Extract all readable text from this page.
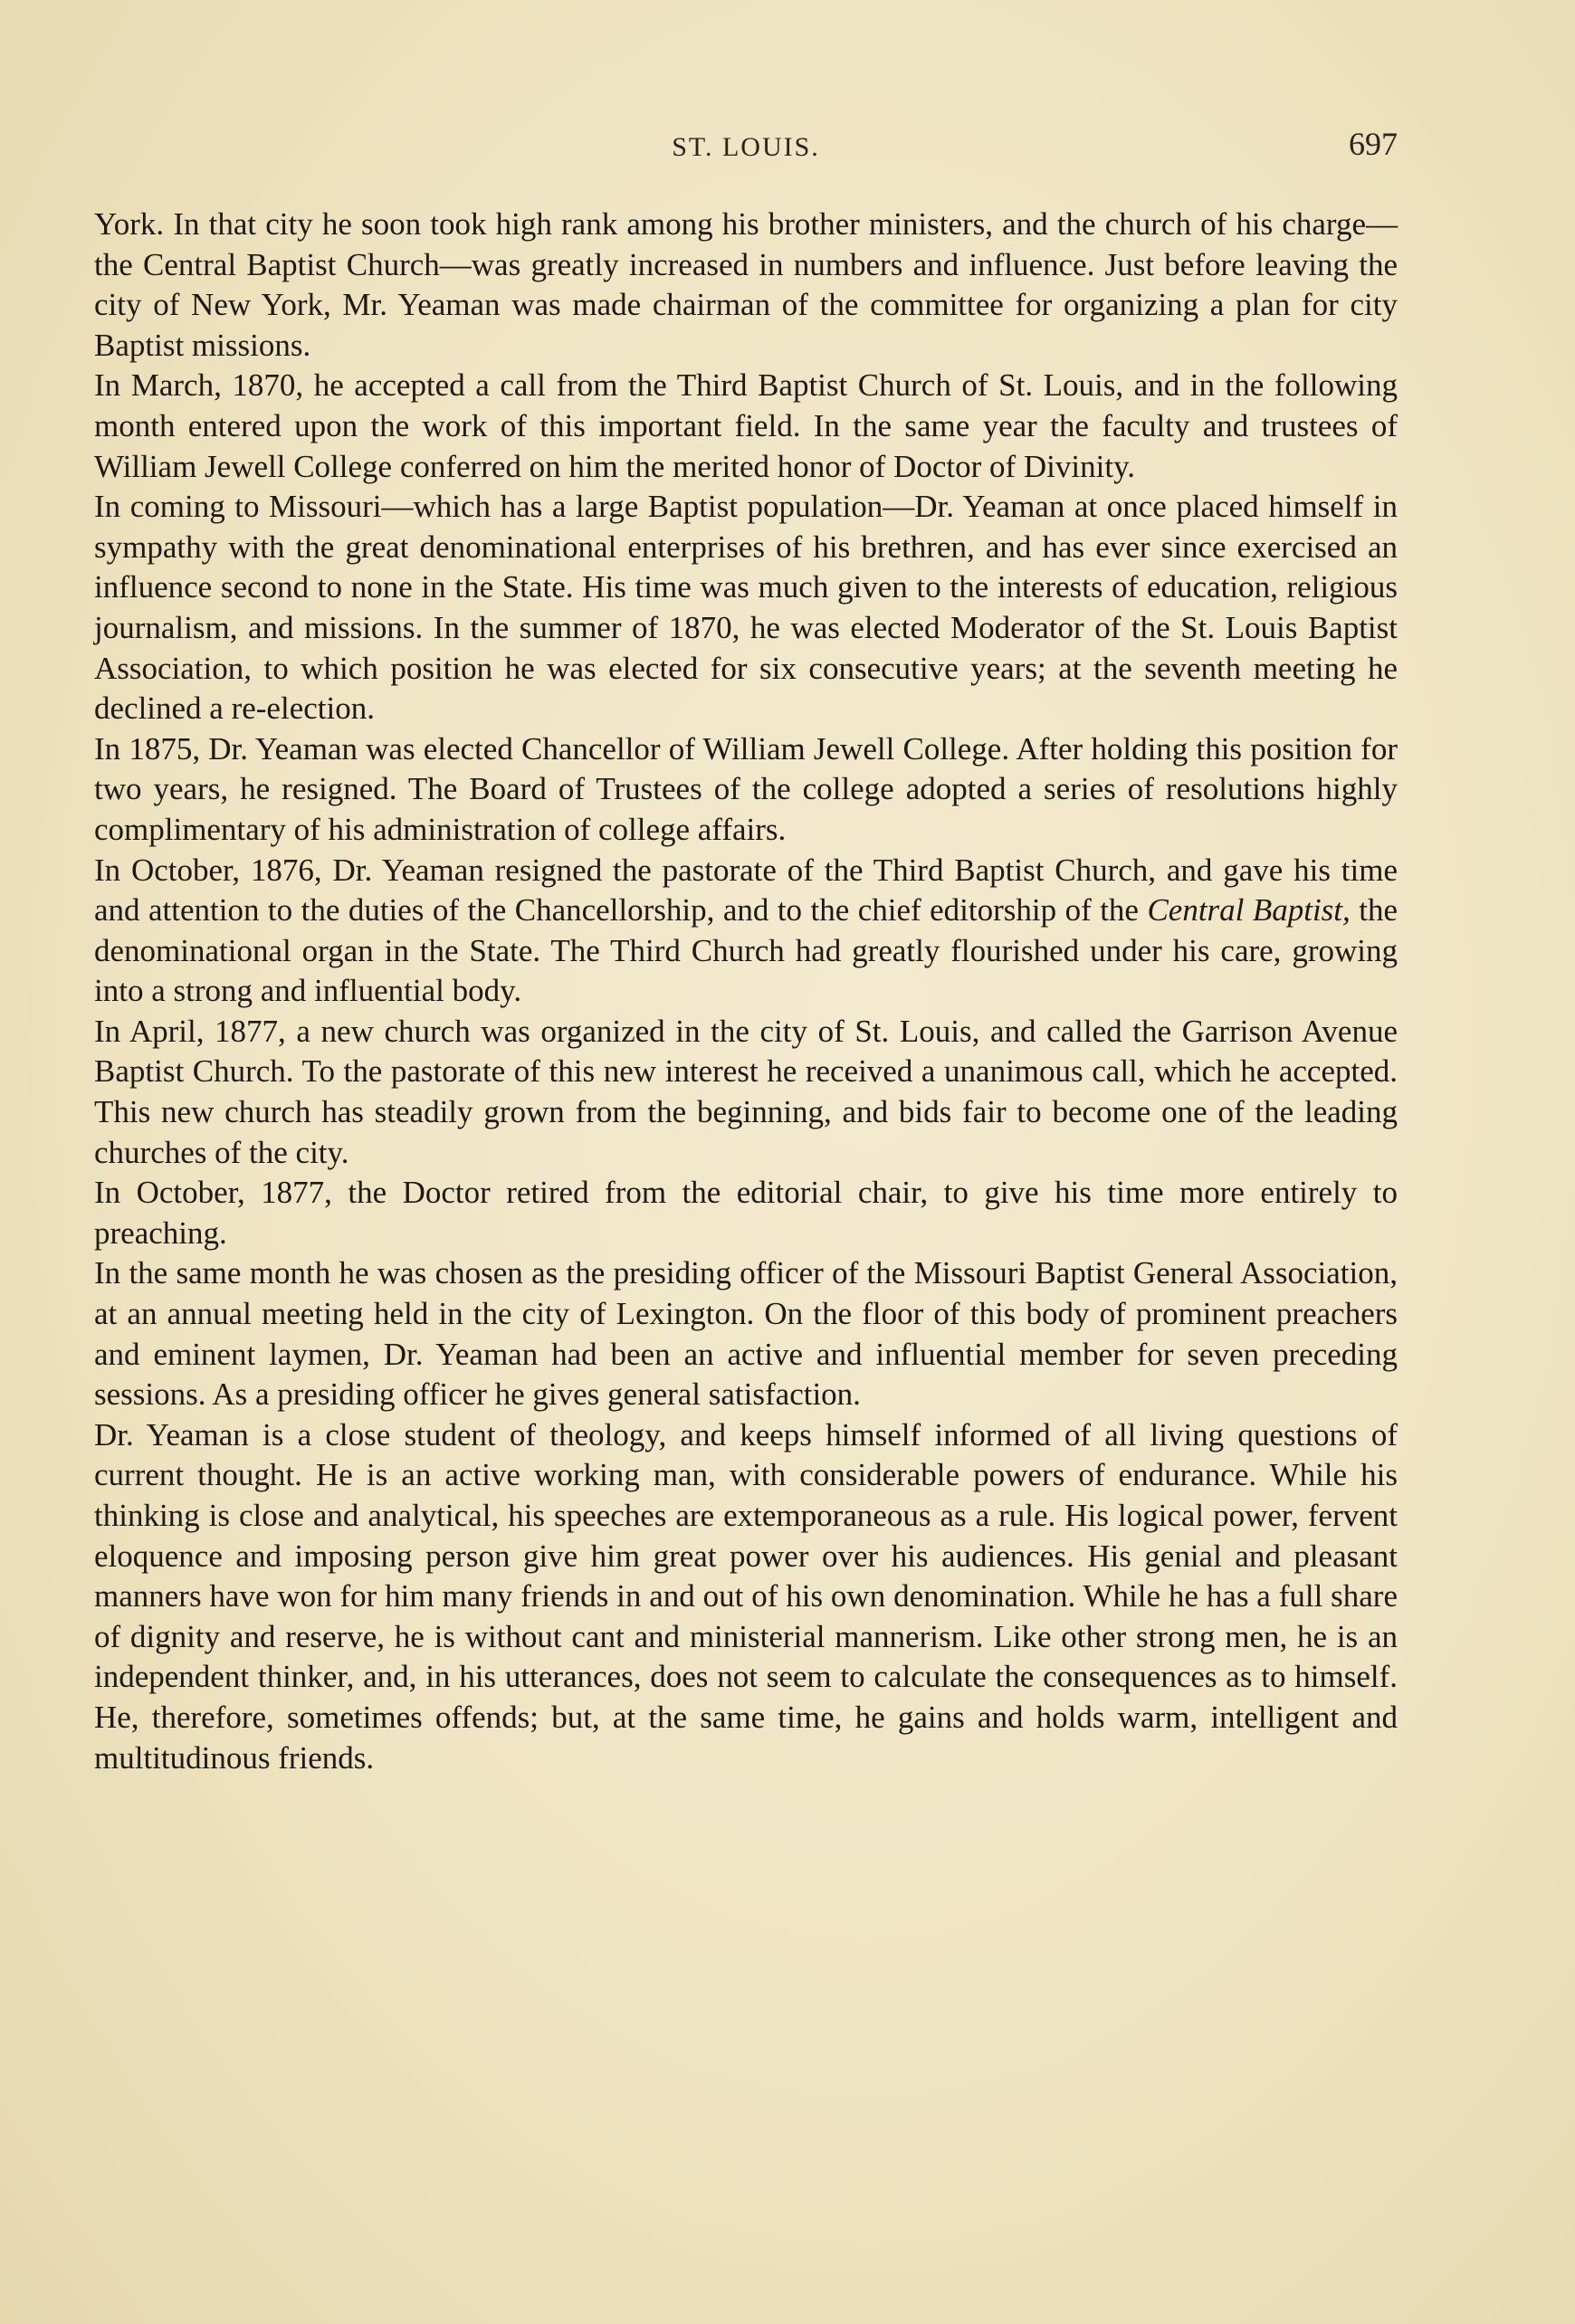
ST. LOUIS.	697

York. In that city he soon took high rank among his brother ministers, and the church of his charge—the Central Baptist Church—was greatly increased in numbers and influence. Just before leaving the city of New York, Mr. Yeaman was made chairman of the committee for organizing a plan for city Baptist missions.

In March, 1870, he accepted a call from the Third Baptist Church of St. Louis, and in the following month entered upon the work of this important field. In the same year the faculty and trustees of William Jewell College conferred on him the merited honor of Doctor of Divinity.

In coming to Missouri—which has a large Baptist population—Dr. Yeaman at once placed himself in sympathy with the great denominational enterprises of his brethren, and has ever since exercised an influence second to none in the State. His time was much given to the interests of education, religious journalism, and missions. In the summer of 1870, he was elected Moderator of the St. Louis Baptist Association, to which position he was elected for six consecutive years; at the seventh meeting he declined a re-election.

In 1875, Dr. Yeaman was elected Chancellor of William Jewell College. After holding this position for two years, he resigned. The Board of Trustees of the college adopted a series of resolutions highly complimentary of his administration of college affairs.

In October, 1876, Dr. Yeaman resigned the pastorate of the Third Baptist Church, and gave his time and attention to the duties of the Chancellorship, and to the chief editorship of the Central Baptist, the denominational organ in the State. The Third Church had greatly flourished under his care, growing into a strong and influential body.

In April, 1877, a new church was organized in the city of St. Louis, and called the Garrison Avenue Baptist Church. To the pastorate of this new interest he received a unanimous call, which he accepted. This new church has steadily grown from the beginning, and bids fair to become one of the leading churches of the city.

In October, 1877, the Doctor retired from the editorial chair, to give his time more entirely to preaching.

In the same month he was chosen as the presiding officer of the Missouri Baptist General Association, at an annual meeting held in the city of Lexington. On the floor of this body of prominent preachers and eminent laymen, Dr. Yeaman had been an active and influential member for seven preceding sessions. As a presiding officer he gives general satisfaction.

Dr. Yeaman is a close student of theology, and keeps himself informed of all living questions of current thought. He is an active working man, with considerable powers of endurance. While his thinking is close and analytical, his speeches are extemporaneous as a rule. His logical power, fervent eloquence and imposing person give him great power over his audiences. His genial and pleasant manners have won for him many friends in and out of his own denomination. While he has a full share of dignity and reserve, he is without cant and ministerial mannerism. Like other strong men, he is an independent thinker, and, in his utterances, does not seem to calculate the consequences as to himself. He, therefore, sometimes offends; but, at the same time, he gains and holds warm, intelligent and multitudinous friends.
